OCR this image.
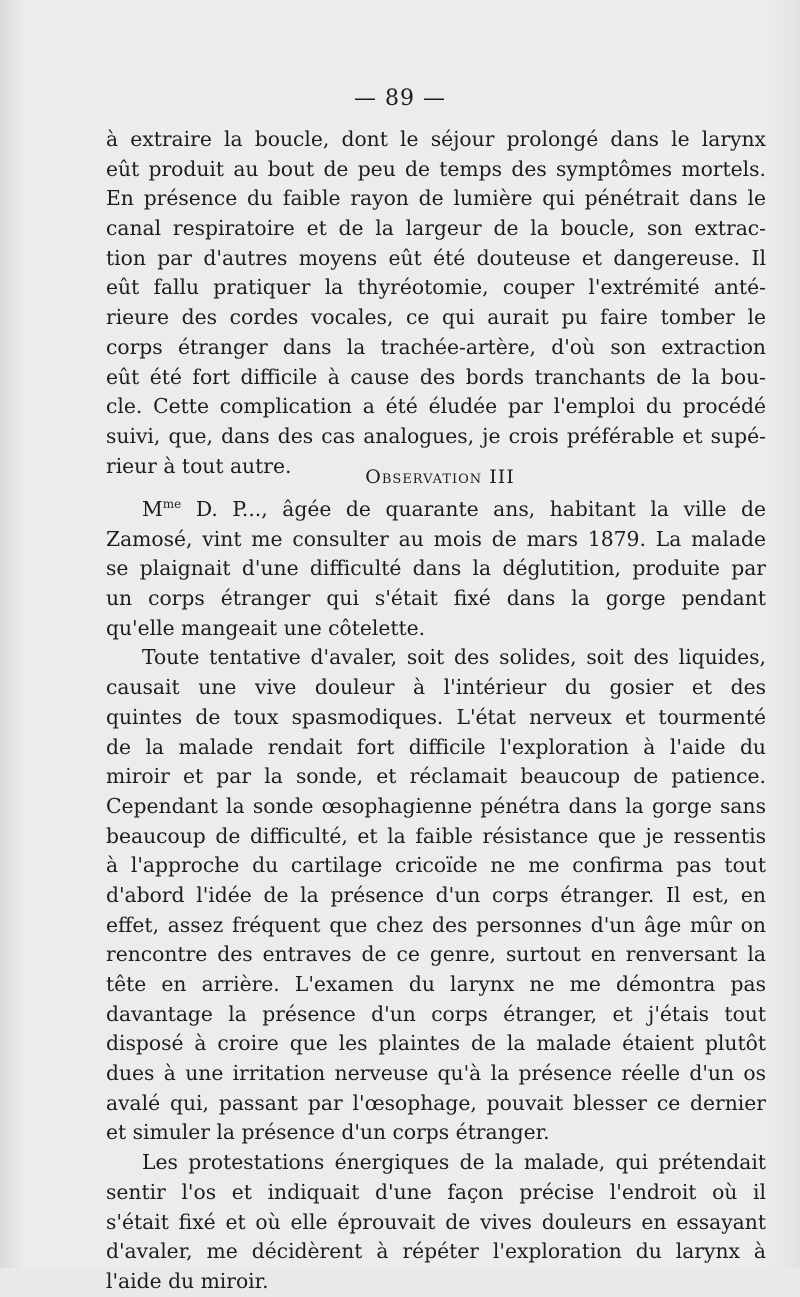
— 89 —
à extraire la boucle, dont le séjour prolongé dans le larynx
eût produit au bout de peu de temps des symptômes mortels.
En présence du faible rayon de lumière qui pénétrait dans le
canal respiratoire et de la largeur de la boucle, son extrac-
tion par d'autres moyens eût été douteuse et dangereuse. Il
eût fallu pratiquer la thyréotomie, couper l'extrémité anté-
rieure des cordes vocales, ce qui aurait pu faire tomber le
corps étranger dans la trachée-artère, d'où son extraction
eût été fort difficile à cause des bords tranchants de la bou-
cle. Cette complication a été éludée par l'emploi du procédé
suivi, que, dans des cas analogues, je crois préférable et supé-
rieur à tout autre.	Observation III
$M^{me}$ D. P..., âgée de quarante ans, habitant la ville de
Zamosé, vint me consulter au mois de mars 1879. La malade
se plaignait d'une difficulté dans la déglutition, produite par
un corps étranger qui s'était fixé dans la gorge pendant
qu'elle mangeait une côtelette.
Toute tentative d'avaler, soit des solides, soit des liquides,
causait une vive douleur à l'intérieur du gosier et des
quintes de toux spasmodiques. L'état nerveux et tourmenté
de la malade rendait fort difficile l'exploration à l'aide du
miroir et par la sonde, et réclamait beaucoup de patience.
Cependant la sonde œsophagienne pénétra dans la gorge sans
beaucoup de difficulté, et la faible résistance que je ressentis
à l'approche du cartilage cricoïde ne me confirma pas tout
d'abord l'idée de la présence d'un corps étranger. Il est, en
effet, assez fréquent que chez des personnes d'un âge mûr on
rencontre des entraves de ce genre, surtout en renversant la
tête en arrière. L'examen du larynx ne me démontra pas
davantage la présence d'un corps étranger, et j'étais tout
disposé à croire que les plaintes de la malade étaient plutôt
dues à une irritation nerveuse qu'à la présence réelle d'un os
avalé qui, passant par l'œsophage, pouvait blesser ce dernier
et simuler la présence d'un corps étranger.
Les protestations énergiques de la malade, qui prétendait
sentir l'os et indiquait d'une façon précise l'endroit où il
s'était fixé et où elle éprouvait de vives douleurs en essayant
d'avaler, me décidèrent à répéter l'exploration du larynx à
l'aide du miroir.
